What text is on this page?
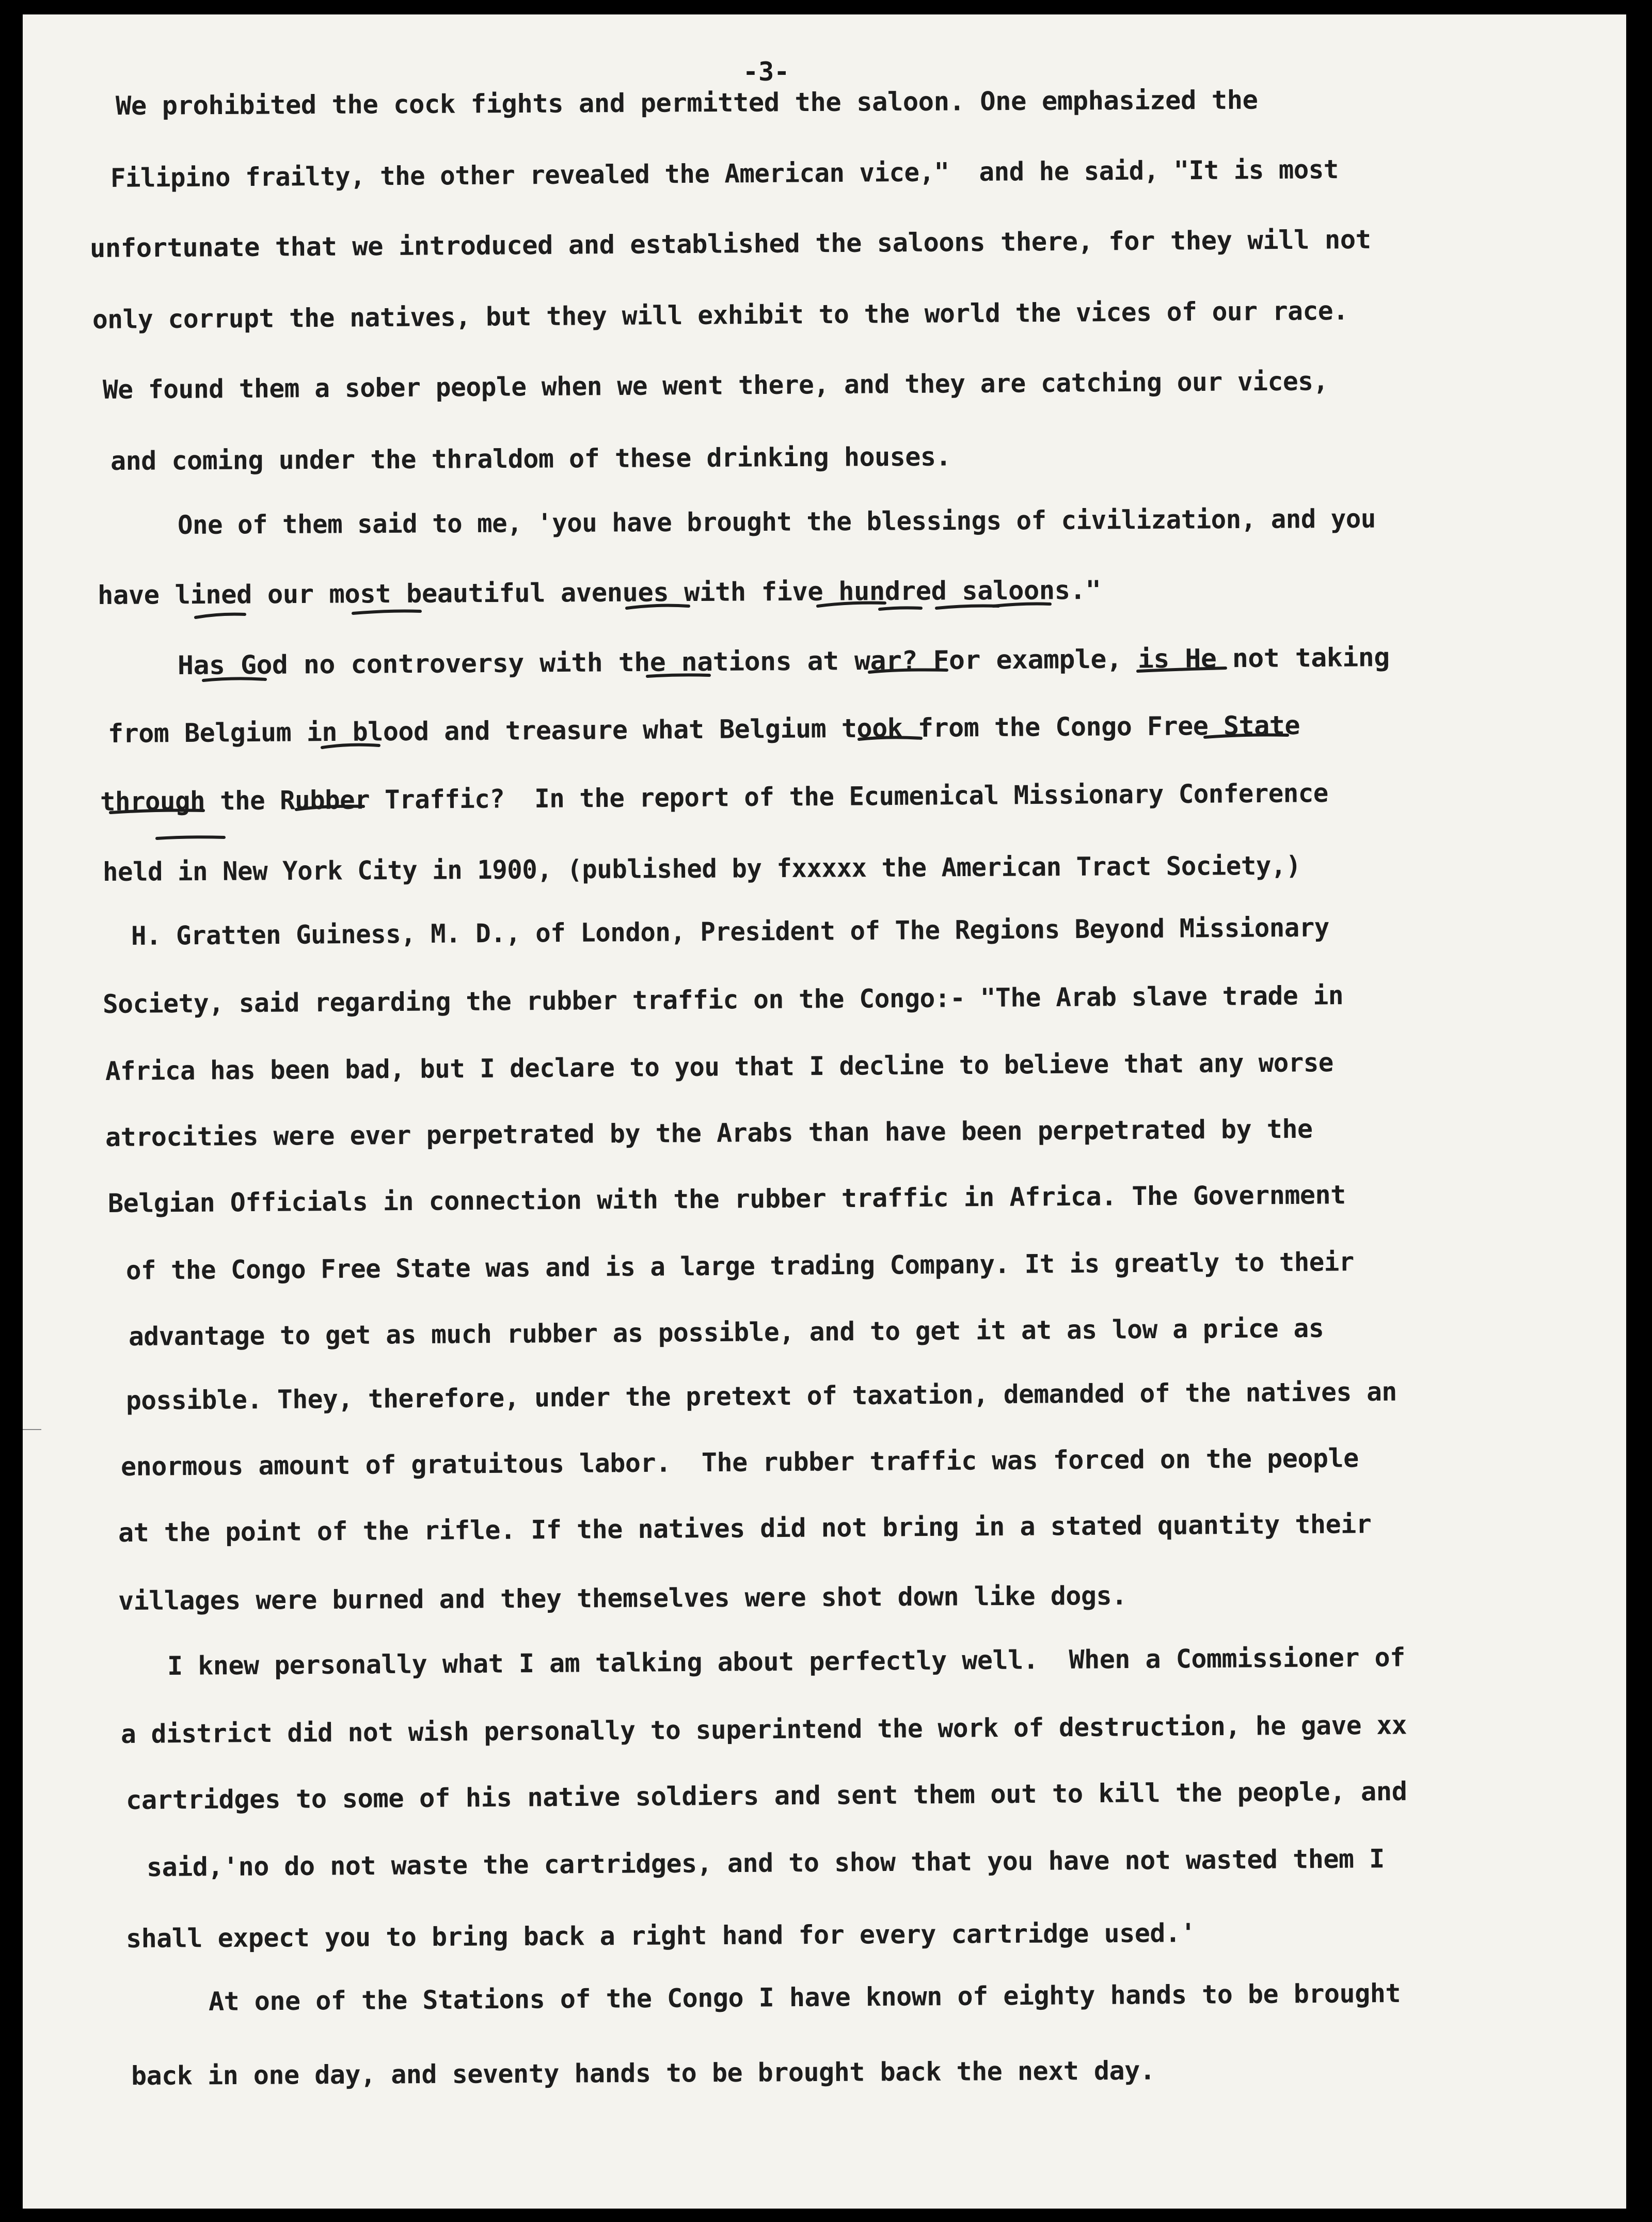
-3-
We prohibited the cock fights and permitted the saloon. One emphasized the
Filipino frailty, the other revealed the American vice,"  and he said, "It is most
unfortunate that we introduced and established the saloons there, for they will not
only corrupt the natives, but they will exhibit to the world the vices of our race.
We found them a sober people when we went there, and they are catching our vices,
and coming under the thraldom of these drinking houses.
One of them said to me, 'you have brought the blessings of civilization, and you
have lined our most beautiful avenues with five hundred saloons."
Has God no controversy with the nations at war? For example, is He not taking
from Belgium in blood and treasure what Belgium took from the Congo Free State
through the Rubber Traffic?  In the report of the Ecumenical Missionary Conference
held in New York City in 1900, (published by fxxxxx the American Tract Society,)
H. Gratten Guiness, M. D., of London, President of The Regions Beyond Missionary
Society, said regarding the rubber traffic on the Congo:- "The Arab slave trade in
Africa has been bad, but I declare to you that I decline to believe that any worse
atrocities were ever perpetrated by the Arabs than have been perpetrated by the
Belgian Officials in connection with the rubber traffic in Africa. The Government
of the Congo Free State was and is a large trading Company. It is greatly to their
advantage to get as much rubber as possible, and to get it at as low a price as
possible. They, therefore, under the pretext of taxation, demanded of the natives an
enormous amount of gratuitous labor.  The rubber traffic was forced on the people
at the point of the rifle. If the natives did not bring in a stated quantity their
villages were burned and they themselves were shot down like dogs.
I knew personally what I am talking about perfectly well.  When a Commissioner of
a district did not wish personally to superintend the work of destruction, he gave xx
cartridges to some of his native soldiers and sent them out to kill the people, and
said,'no do not waste the cartridges, and to show that you have not wasted them I
shall expect you to bring back a right hand for every cartridge used.'
At one of the Stations of the Congo I have known of eighty hands to be brought
back in one day, and seventy hands to be brought back the next day.
